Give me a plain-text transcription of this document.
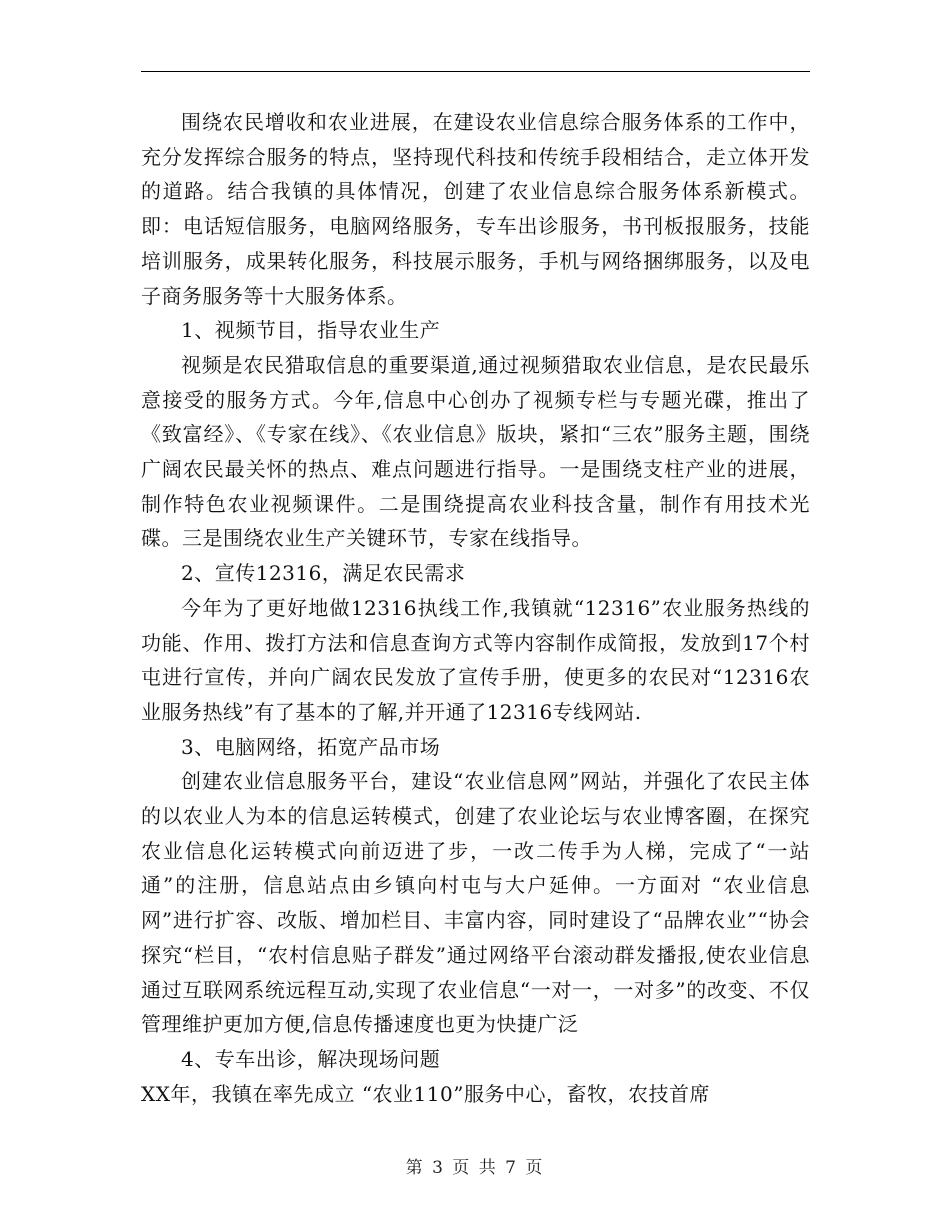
围绕农民增收和农业进展，在建设农业信息综合服务体系的工作中，充分发挥综合服务的特点，坚持现代科技和传统手段相结合，走立体开发的道路。结合我镇的具体情况，创建了农业信息综合服务体系新模式。即：电话短信服务，电脑网络服务，专车出诊服务，书刊板报服务，技能培训服务，成果转化服务，科技展示服务，手机与网络捆绑服务，以及电子商务服务等十大服务体系。

1、视频节目，指导农业生产

视频是农民猎取信息的重要渠道,通过视频猎取农业信息，是农民最乐意接受的服务方式。今年,信息中心创办了视频专栏与专题光碟，推出了《致富经》、《专家在线》、《农业信息》版块，紧扣“三农”服务主题，围绕广阔农民最关怀的热点、难点问题进行指导。一是围绕支柱产业的进展，制作特色农业视频课件。二是围绕提高农业科技含量，制作有用技术光碟。三是围绕农业生产关键环节，专家在线指导。

2、宣传12316，满足农民需求

今年为了更好地做12316执线工作,我镇就“12316”农业服务热线的功能、作用、拨打方法和信息查询方式等内容制作成简报，发放到17个村屯进行宣传，并向广阔农民发放了宣传手册，使更多的农民对“12316农业服务热线”有了基本的了解,并开通了12316专线网站.

3、电脑网络，拓宽产品市场

创建农业信息服务平台，建设“农业信息网”网站，并强化了农民主体的以农业人为本的信息运转模式，创建了农业论坛与农业博客圈，在探究农业信息化运转模式向前迈进了步，一改二传手为人梯，完成了“一站通”的注册，信息站点由乡镇向村屯与大户延伸。一方面对 “农业信息网”进行扩容、改版、增加栏目、丰富内容，同时建设了“品牌农业”“协会探究“栏目，“农村信息贴子群发”通过网络平台滚动群发播报,使农业信息通过互联网系统远程互动,实现了农业信息“一对一，一对多”的改变、不仅管理维护更加方便,信息传播速度也更为快捷广泛

4、专车出诊，解决现场问题

XX年，我镇在率先成立 “农业110”服务中心，畜牧，农技首席

第 3 页 共 7 页
